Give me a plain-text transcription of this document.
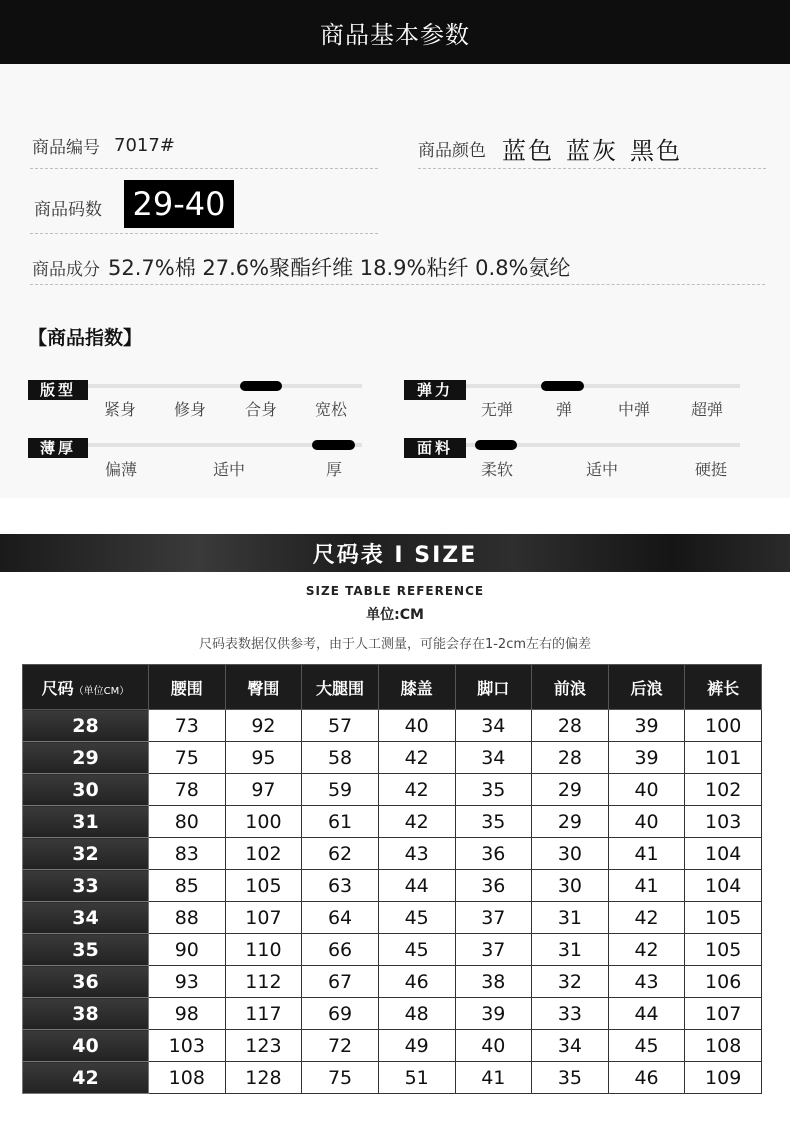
商品基本参数
商品编号 7017#	商品颜色 蓝色 蓝灰 黑色
商品码数 29-40
商品成分 52.7%棉 27.6%聚酯纤维 18.9%粘纤 0.8%氨纶
【商品指数】
版型
紧身 修身 合身 宽松
弹力
无弹	弹	中弹	超弹
薄厚
偏薄	适中	厚
面料
柔软	适中	硬挺
尺码表 I SIZE
SIZE TABLE REFERENCE
单位:CM
尺码表数据仅供参考，由于人工测量，可能会存在1-2cm左右的偏差
尺码（单位CM）	腰围	臀围	大腿围	膝盖	脚口	前浪	后浪	裤长
28	73	92	57	40	34	28	39	100
29	75	95	58	42	34	28	39	101
30	78	97	59	42	35	29	40	102
31	80	100	61	42	35	29	40	103
32	83	102	62	43	36	30	41	104
33	85	105	63	44	36	30	41	104
34	88	107	64	45	37	31	42	105
35	90	110	66	45	37	31	42	105
36	93	112	67	46	38	32	43	106
38	98	117	69	48	39	33	44	107
40	103	123	72	49	40	34	45	108
42	108	128	75	51	41	35	46	109
